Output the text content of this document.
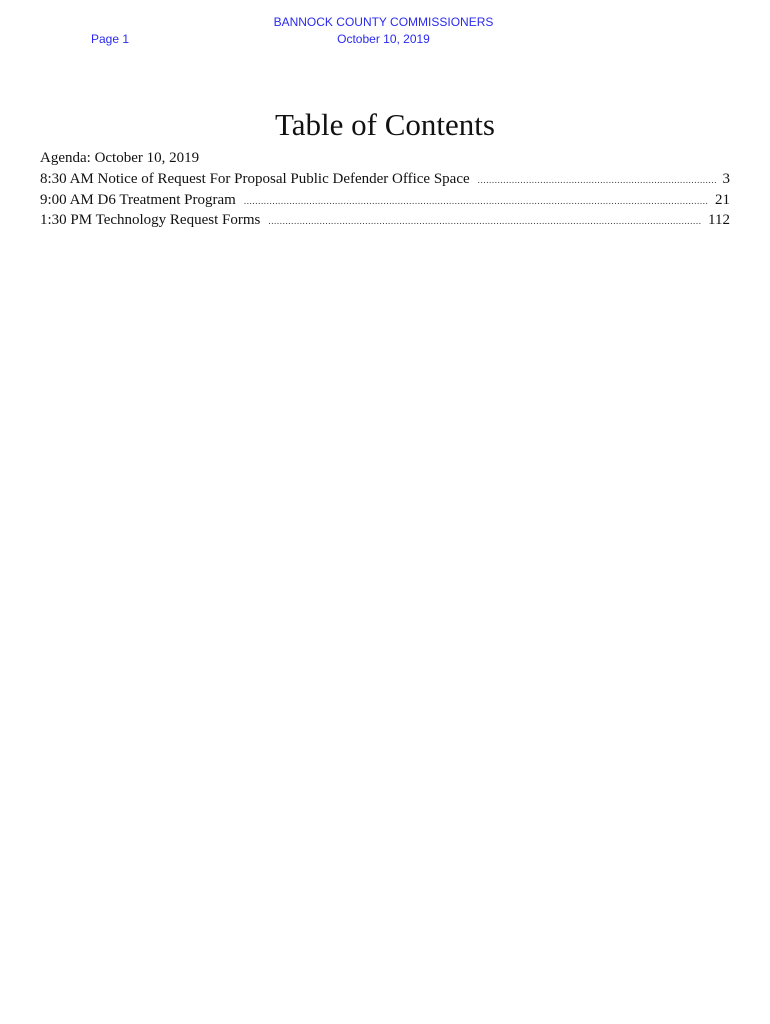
Page 1
BANNOCK COUNTY COMMISSIONERS
October 10, 2019
Table of Contents
Agenda: October 10, 2019
8:30 AM Notice of Request For Proposal Public Defender Office Space .....	3
9:00 AM D6 Treatment Program .....	21
1:30 PM Technology Request Forms .....	112
